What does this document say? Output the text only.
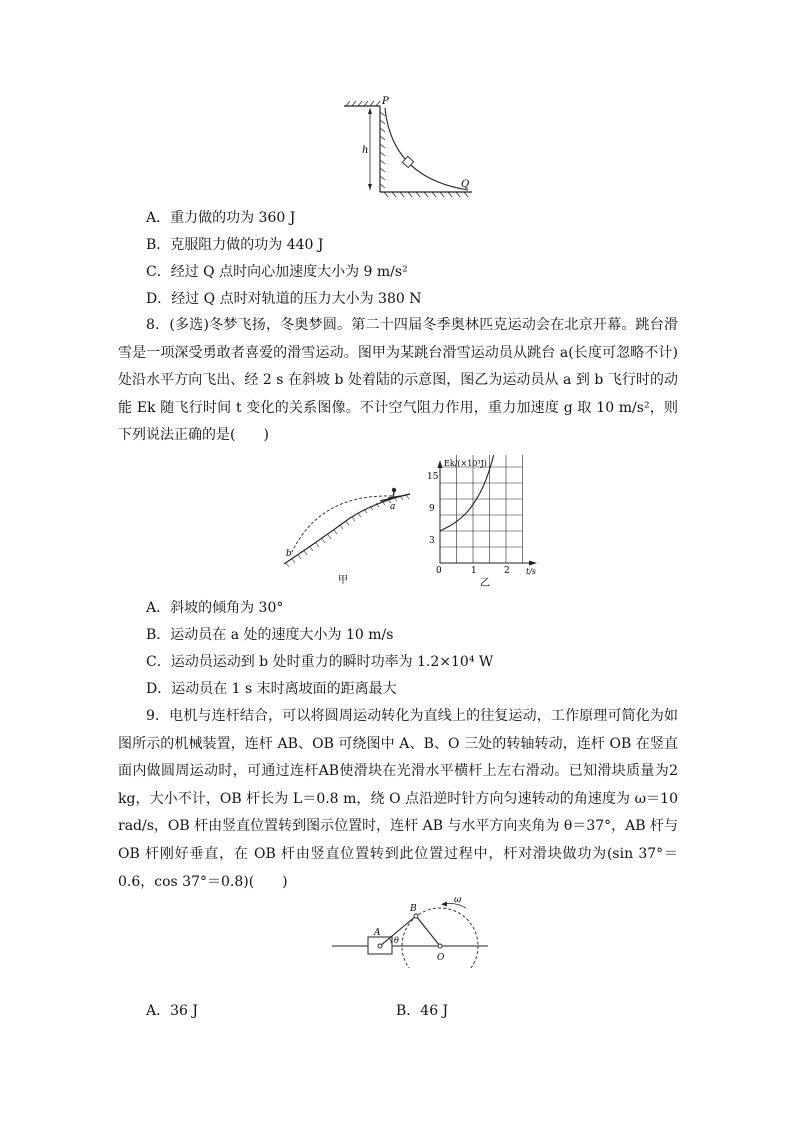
h
P
Q
A．重力做的功为 360 J
B．克服阻力做的功为 440 J
C．经过 Q 点时向心加速度大小为 9 m/s²
D．经过 Q 点时对轨道的压力大小为 380 N
8．(多选)冬梦飞扬，冬奥梦圆。第二十四届冬季奥林匹克运动会在北京开幕。跳台滑雪是一项深受勇敢者喜爱的滑雪运动。图甲为某跳台滑雪运动员从跳台 a(长度可忽略不计)处沿水平方向飞出、经 2 s 在斜坡 b 处着陆的示意图，图乙为运动员从 a 到 b 飞行时的动能 Ek 随飞行时间 t 变化的关系图像。不计空气阻力作用，重力加速度 g 取 10 m/s²，则下列说法正确的是(　　)
a
b
甲
Ek/(×10³J)
t/s
3
9
15
0	1	2
乙
A．斜坡的倾角为 30°
B．运动员在 a 处的速度大小为 10 m/s
C．运动员运动到 b 处时重力的瞬时功率为 1.2×10⁴ W
D．运动员在 1 s 末时离坡面的距离最大
9．电机与连杆结合，可以将圆周运动转化为直线上的往复运动，工作原理可简化为如图所示的机械装置，连杆 AB、OB 可绕图中 A、B、O 三处的转轴转动，连杆 OB 在竖直面内做圆周运动时，可通过连杆AB使滑块在光滑水平横杆上左右滑动。已知滑块质量为2 kg，大小不计，OB 杆长为 L＝0.8 m，绕 O 点沿逆时针方向匀速转动的角速度为 ω＝10 rad/s，OB 杆由竖直位置转到图示位置时，连杆 AB 与水平方向夹角为 θ＝37°，AB 杆与 OB 杆刚好垂直，在 OB 杆由竖直位置转到此位置过程中，杆对滑块做功为(sin 37°＝0.6，cos 37°＝0.8)(　　)
A
B
O
θ
ω
A．36 J	B．46 J
